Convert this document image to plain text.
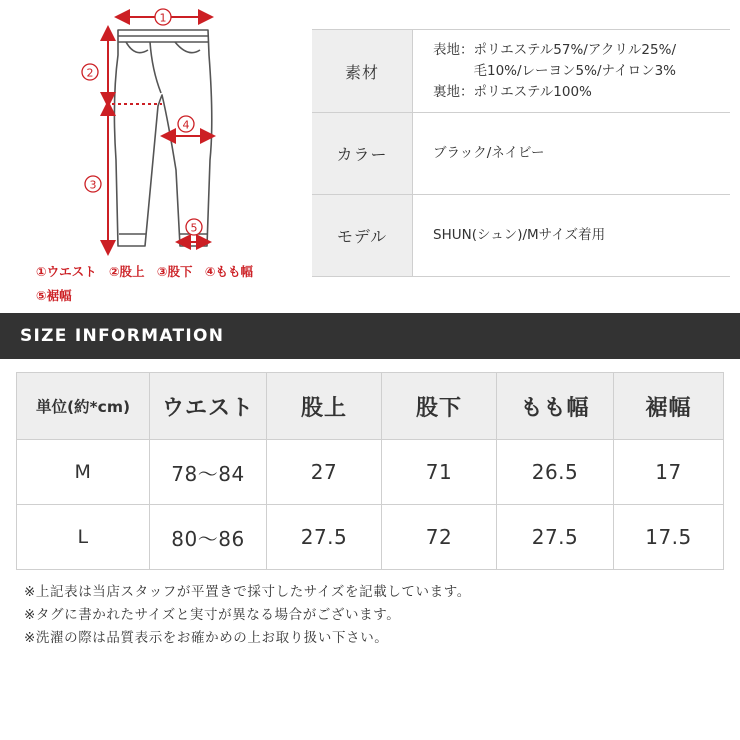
1
2
3
4
5
①ウエスト ②股上 ③股下 ④もも幅
⑤裾幅
素材	表地：ポリエステル57%/アクリル25%/
　　　毛10%/レーヨン5%/ナイロン3%
裏地：ポリエステル100%

カラー	ブラック/ネイビー

モデル	SHUN(シュン)/Mサイズ着用
SIZE INFORMATION
単位(約*cm)	ウエスト	股上	股下	もも幅	裾幅
M	78～84	27	71	26.5	17
L	80～86	27.5	72	27.5	17.5
※上記表は当店スタッフが平置きで採寸したサイズを記載しています。
※タグに書かれたサイズと実寸が異なる場合がございます。
※洗濯の際は品質表示をお確かめの上お取り扱い下さい。
